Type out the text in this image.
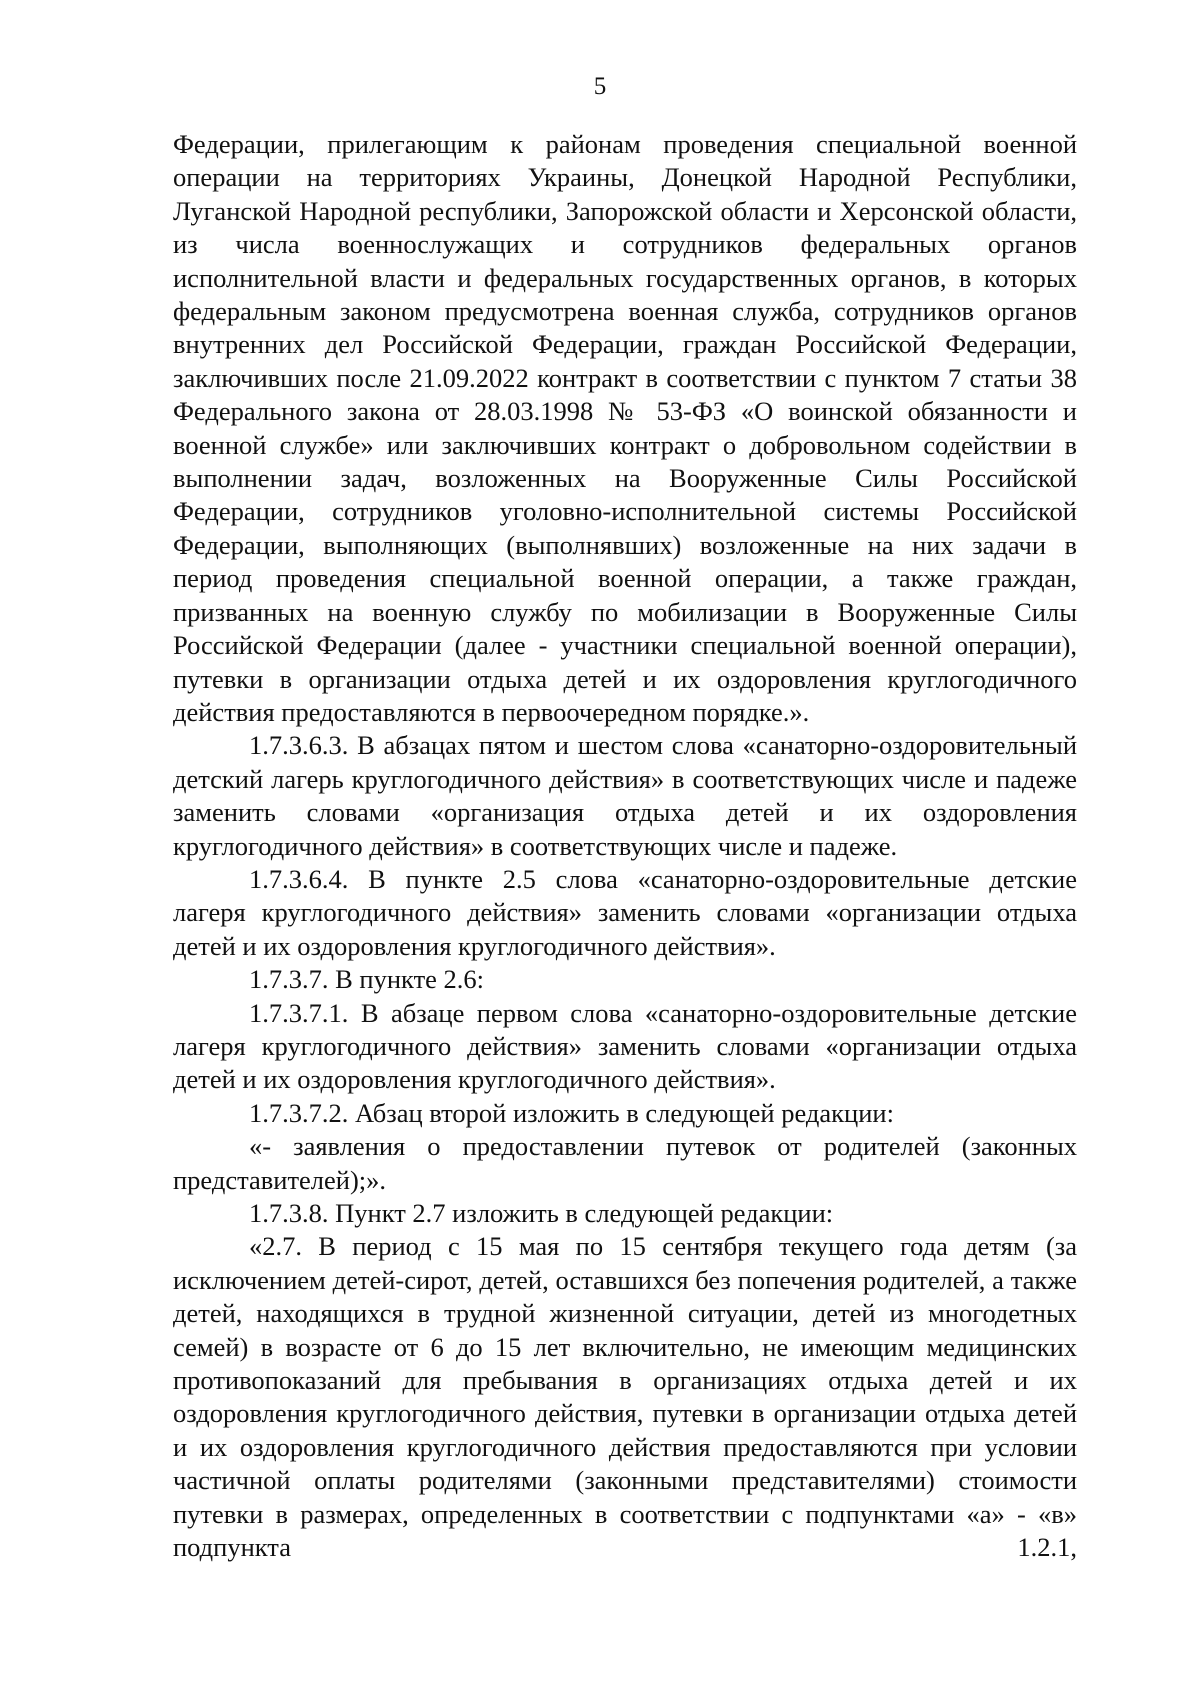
5

Федерации, прилегающим к районам проведения специальной военной операции на территориях Украины, Донецкой Народной Республики, Луганской Народной республики, Запорожской области и Херсонской области, из числа военнослужащих и сотрудников федеральных органов исполнительной власти и федеральных государственных органов, в которых федеральным законом предусмотрена военная служба, сотрудников органов внутренних дел Российской Федерации, граждан Российской Федерации, заключивших после 21.09.2022 контракт в соответствии с пунктом 7 статьи 38 Федерального закона от 28.03.1998 № 53-ФЗ «О воинской обязанности и военной службе» или заключивших контракт о добровольном содействии в выполнении задач, возложенных на Вооруженные Силы Российской Федерации, сотрудников уголовно-исполнительной системы Российской Федерации, выполняющих (выполнявших) возложенные на них задачи в период проведения специальной военной операции, а также граждан, призванных на военную службу по мобилизации в Вооруженные Силы Российской Федерации (далее - участники специальной военной операции), путевки в организации отдыха детей и их оздоровления круглогодичного действия предоставляются в первоочередном порядке.».

1.7.3.6.3. В абзацах пятом и шестом слова «санаторно-оздоровительный детский лагерь круглогодичного действия» в соответствующих числе и падеже заменить словами «организация отдыха детей и их оздоровления круглогодичного действия» в соответствующих числе и падеже.

1.7.3.6.4. В пункте 2.5 слова «санаторно-оздоровительные детские лагеря круглогодичного действия» заменить словами «организации отдыха детей и их оздоровления круглогодичного действия».

1.7.3.7. В пункте 2.6:

1.7.3.7.1. В абзаце первом слова «санаторно-оздоровительные детские лагеря круглогодичного действия» заменить словами «организации отдыха детей и их оздоровления круглогодичного действия».

1.7.3.7.2. Абзац второй изложить в следующей редакции:

«- заявления о предоставлении путевок от родителей (законных представителей);».

1.7.3.8. Пункт 2.7 изложить в следующей редакции:

«2.7. В период с 15 мая по 15 сентября текущего года детям (за исключением детей-сирот, детей, оставшихся без попечения родителей, а также детей, находящихся в трудной жизненной ситуации, детей из многодетных семей) в возрасте от 6 до 15 лет включительно, не имеющим медицинских противопоказаний для пребывания в организациях отдыха детей и их оздоровления круглогодичного действия, путевки в организации отдыха детей и их оздоровления круглогодичного действия предоставляются при условии частичной оплаты родителями (законными представителями) стоимости путевки в размерах, определенных в соответствии с подпунктами «а» - «в» подпункта 1.2.1,
